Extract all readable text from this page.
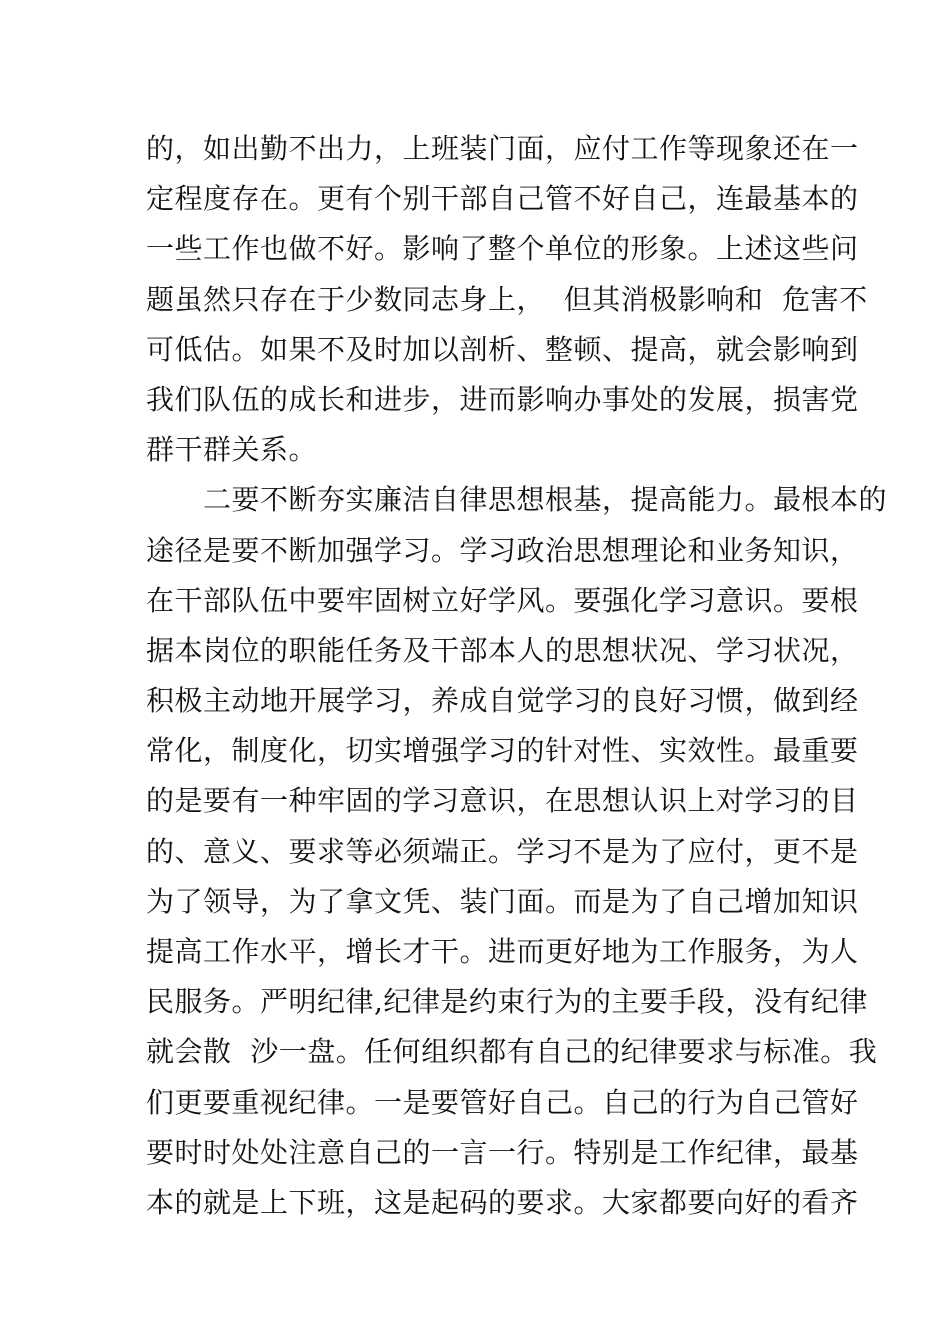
的，如出勤不出力，上班装门面，应付工作等现象还在一
定程度存在。更有个别干部自己管不好自己，连最基本的
一些工作也做不好。影响了整个单位的形象。上述这些问
题虽然只存在于少数同志身上，  但其消极影响和  危害不
可低估。如果不及时加以剖析、整顿、提高，就会影响到
我们队伍的成长和进步，进而影响办事处的发展，损害党
群干群关系。
　　二要不断夯实廉洁自律思想根基，提高能力。最根本的
途径是要不断加强学习。学习政治思想理论和业务知识，
在干部队伍中要牢固树立好学风。要强化学习意识。要根
据本岗位的职能任务及干部本人的思想状况、学习状况，
积极主动地开展学习，养成自觉学习的良好习惯，做到经
常化，制度化，切实增强学习的针对性、实效性。最重要
的是要有一种牢固的学习意识，在思想认识上对学习的目
的、意义、要求等必须端正。学习不是为了应付，更不是
为了领导，为了拿文凭、装门面。而是为了自己增加知识
提高工作水平，增长才干。进而更好地为工作服务，为人
民服务。严明纪律,纪律是约束行为的主要手段，没有纪律
就会散  沙一盘。任何组织都有自己的纪律要求与标准。我
们更要重视纪律。一是要管好自己。自己的行为自己管好
要时时处处注意自己的一言一行。特别是工作纪律，最基
本的就是上下班，这是起码的要求。大家都要向好的看齐
